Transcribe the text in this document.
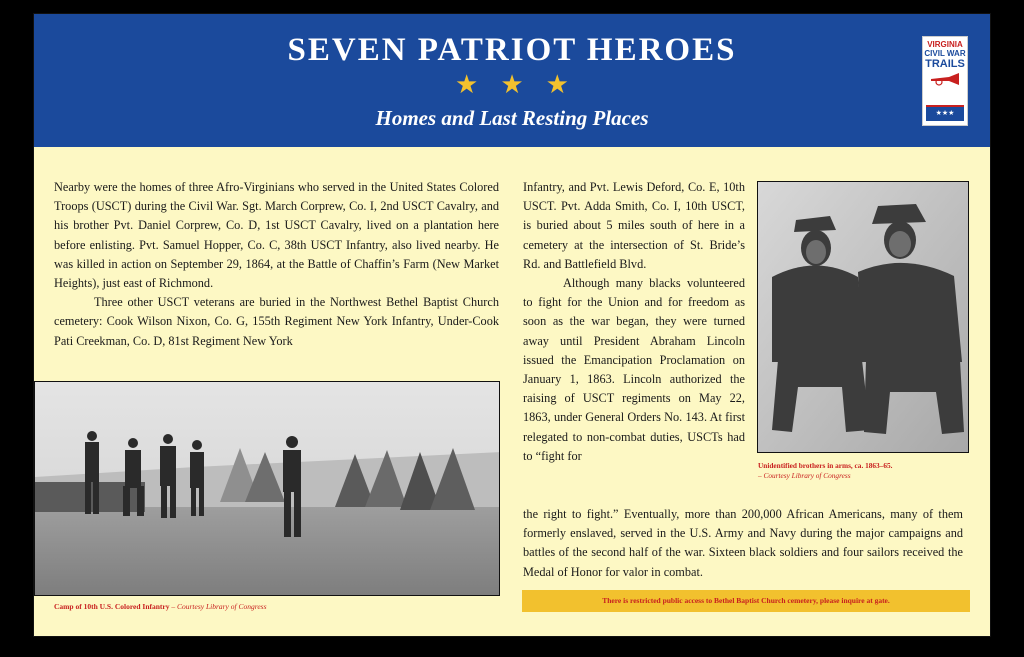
SEVEN PATRIOT HEROES
★★★
Homes and Last Resting Places
VIRGINIA
CIVIL WAR
TRAILS
★★★

Nearby were the homes of three Afro-Virginians who served in the United States Colored Troops (USCT) during the Civil War. Sgt. March Corprew, Co. I, 2nd USCT Cavalry, and his brother Pvt. Daniel Corprew, Co. D, 1st USCT Cavalry, lived on a plantation here before enlisting. Pvt. Samuel Hopper, Co. C, 38th USCT Infantry, also lived nearby. He was killed in action on September 29, 1864, at the Battle of Chaffin’s Farm (New Market Heights), just east of Richmond.

Three other USCT veterans are buried in the Northwest Bethel Baptist Church cemetery: Cook Wilson Nixon, Co. G, 155th Regiment New York Infantry, Under-Cook Pati Creekman, Co. D, 81st Regiment New York

Infantry, and Pvt. Lewis Deford, Co. E, 10th USCT. Pvt. Adda Smith, Co. I, 10th USCT, is buried about 5 miles south of here in a cemetery at the intersection of St. Bride’s Rd. and Battlefield Blvd.

Although many blacks volunteered to fight for the Union and for freedom as soon as the war began, they were turned away until President Abraham Lincoln issued the Emancipation Proclamation on January 1, 1863. Lincoln authorized the raising of USCT regiments on May 22, 1863, under General Orders No. 143. At first relegated to non-combat duties, USCTs had to “fight for

the right to fight.” Eventually, more than 200,000 African Americans, many of them formerly enslaved, served in the U.S. Army and Navy during the major campaigns and battles of the second half of the war. Sixteen black soldiers and four sailors received the Medal of Honor for valor in combat.

Camp of 10th U.S. Colored Infantry – Courtesy Library of Congress
Unidentified brothers in arms, ca. 1863–65.
– Courtesy Library of Congress
There is restricted public access to Bethel Baptist Church cemetery, please inquire at gate.
